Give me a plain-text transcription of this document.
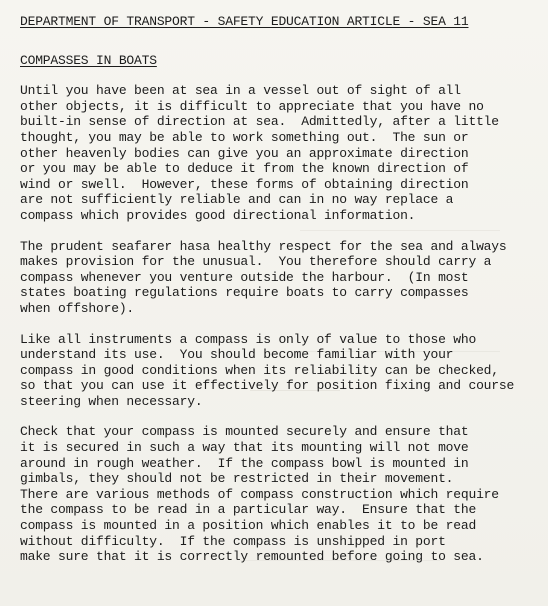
DEPARTMENT OF TRANSPORT - SAFETY EDUCATION ARTICLE - SEA 11
COMPASSES IN BOATS
Until you have been at sea in a vessel out of sight of all
other objects, it is difficult to appreciate that you have no
built-in sense of direction at sea.  Admittedly, after a little
thought, you may be able to work something out.  The sun or
other heavenly bodies can give you an approximate direction
or you may be able to deduce it from the known direction of
wind or swell.  However, these forms of obtaining direction
are not sufficiently reliable and can in no way replace a
compass which provides good directional information.
The prudent seafarer hasa healthy respect for the sea and always
makes provision for the unusual.  You therefore should carry a
compass whenever you venture outside the harbour.  (In most
states boating regulations require boats to carry compasses
when offshore).
Like all instruments a compass is only of value to those who
understand its use.  You should become familiar with your
compass in good conditions when its reliability can be checked,
so that you can use it effectively for position fixing and course
steering when necessary.
Check that your compass is mounted securely and ensure that
it is secured in such a way that its mounting will not move
around in rough weather.  If the compass bowl is mounted in
gimbals, they should not be restricted in their movement.
There are various methods of compass construction which require
the compass to be read in a particular way.  Ensure that the
compass is mounted in a position which enables it to be read
without difficulty.  If the compass is unshipped in port
make sure that it is correctly remounted before going to sea.
